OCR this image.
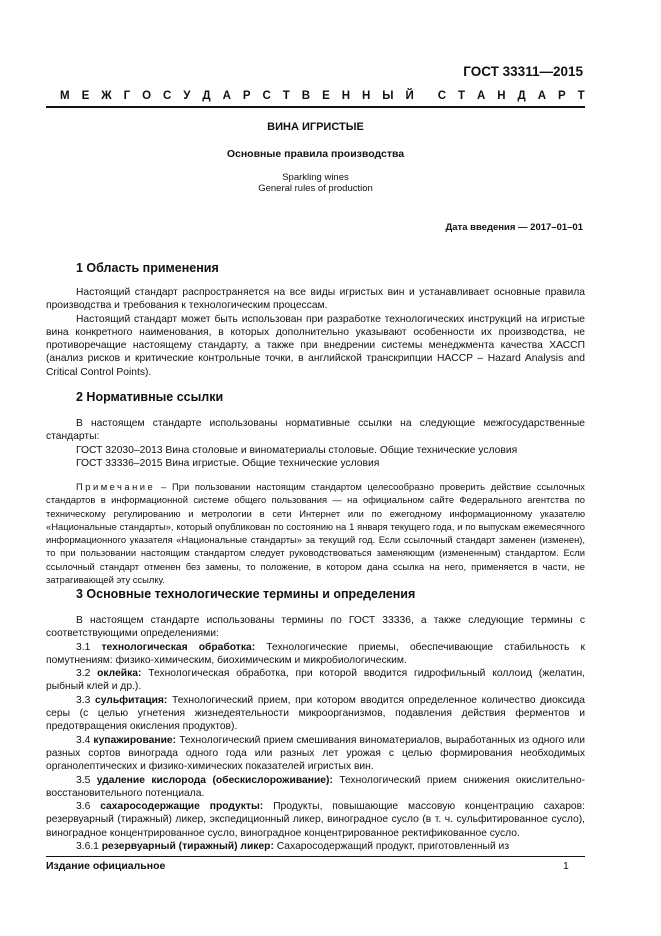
ГОСТ 33311—2015
М Е Ж Г О С У Д А Р С Т В Е Н Н Ы Й С Т А Н Д А Р Т
ВИНА ИГРИСТЫЕ
Основные правила производства
Sparkling wines
General rules of production
Дата введения — 2017–01–01
1 Область применения

Настоящий стандарт распространяется на все виды игристых вин и устанавливает основные правила производства и требования к технологическим процессам.

Настоящий стандарт может быть использован при разработке технологических инструкций на игристые вина конкретного наименования, в которых дополнительно указывают особенности их производства, не противоречащие настоящему стандарту, а также при внедрении системы менеджмента качества ХАССП (анализ рисков и критические контрольные точки, в английской транскрипции HACCP – Hazard Analysis and Critical Control Points).

2 Нормативные ссылки

В настоящем стандарте использованы нормативные ссылки на следующие межгосударственные стандарты:

ГОСТ 32030–2013 Вина столовые и виноматериалы столовые. Общие технические условия

ГОСТ 33336–2015 Вина игристые. Общие технические условия

Примечание – При пользовании настоящим стандартом целесообразно проверить действие ссылочных стандартов в информационной системе общего пользования — на официальном сайте Федерального агентства по техническому регулированию и метрологии в сети Интернет или по ежегодному информационному указателю «Национальные стандарты», который опубликован по состоянию на 1 января текущего года, и по выпускам ежемесячного информационного указателя «Национальные стандарты» за текущий год. Если ссылочный стандарт заменен (изменен), то при пользовании настоящим стандартом следует руководствоваться заменяющим (измененным) стандартом. Если ссылочный стандарт отменен без замены, то положение, в котором дана ссылка на него, применяется в части, не затрагивающей эту ссылку.

3 Основные технологические термины и определения

В настоящем стандарте использованы термины по ГОСТ 33336, а также следующие термины с соответствующими определениями:

3.1 технологическая обработка: Технологические приемы, обеспечивающие стабильность к помутнениям: физико-химическим, биохимическим и микробиологическим.

3.2 оклейка: Технологическая обработка, при которой вводится гидрофильный коллоид (желатин, рыбный клей и др.).

3.3 сульфитация: Технологический прием, при котором вводится определенное количество диоксида серы (с целью угнетения жизнедеятельности микроорганизмов, подавления действия ферментов и предотвращения окисления продуктов).

3.4 купажирование: Технологический прием смешивания виноматериалов, выработанных из одного или разных сортов винограда одного года или разных лет урожая с целью формирования необходимых органолептических и физико-химических показателей игристых вин.

3.5 удаление кислорода (обескислороживание): Технологический прием снижения окислительно-восстановительного потенциала.

3.6 сахаросодержащие продукты: Продукты, повышающие массовую концентрацию сахаров: резервуарный (тиражный) ликер, экспедиционный ликер, виноградное сусло (в т. ч. сульфитированное сусло), виноградное концентрированное сусло, виноградное концентрированное ректификованное сусло.

3.6.1 резервуарный (тиражный) ликер: Сахаросодержащий продукт, приготовленный из

Издание официальное	1
